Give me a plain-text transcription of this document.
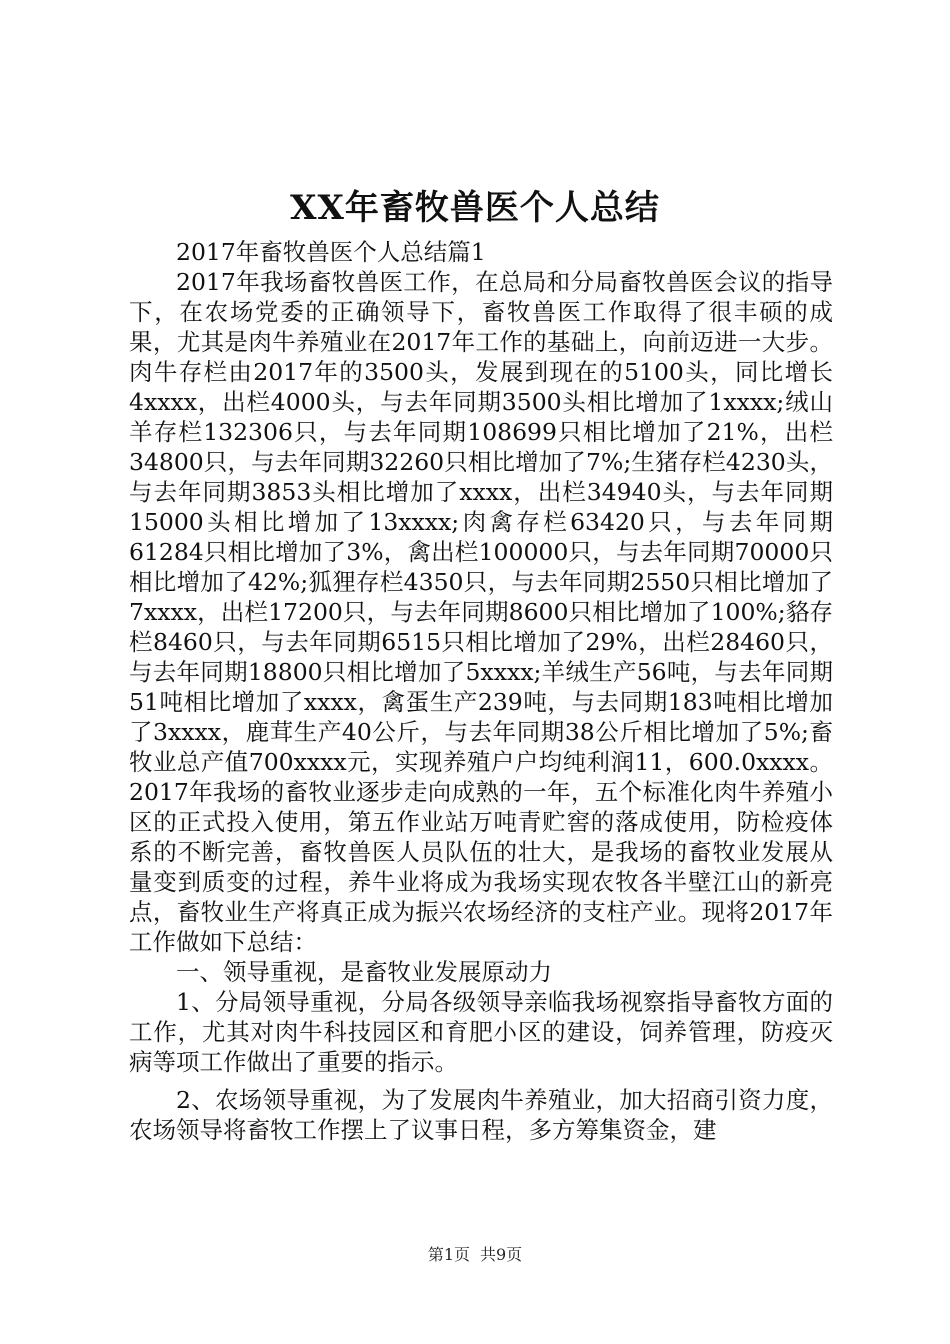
XX年畜牧兽医个人总结

2017年畜牧兽医个人总结篇1

2017年我场畜牧兽医工作，在总局和分局畜牧兽医会议的指导下，在农场党委的正确领导下，畜牧兽医工作取得了很丰硕的成果，尤其是肉牛养殖业在2017年工作的基础上，向前迈进一大步。肉牛存栏由2017年的3500头，发展到现在的5100头，同比增长4xxxx，出栏4000头，与去年同期3500头相比增加了1xxxx;绒山羊存栏132306只，与去年同期108699只相比增加了21%，出栏34800只，与去年同期32260只相比增加了7%;生猪存栏4230头，与去年同期3853头相比增加了xxxx，出栏34940头，与去年同期15000头相比增加了13xxxx;肉禽存栏63420只，与去年同期61284只相比增加了3%，禽出栏100000只，与去年同期70000只相比增加了42%;狐狸存栏4350只，与去年同期2550只相比增加了7xxxx，出栏17200只，与去年同期8600只相比增加了100%;貉存栏8460只，与去年同期6515只相比增加了29%，出栏28460只，与去年同期18800只相比增加了5xxxx;羊绒生产56吨，与去年同期51吨相比增加了xxxx，禽蛋生产239吨，与去同期183吨相比增加了3xxxx，鹿茸生产40公斤，与去年同期38公斤相比增加了5%;畜牧业总产值700xxxx元，实现养殖户户均纯利润11，600.0xxxx。2017年我场的畜牧业逐步走向成熟的一年，五个标准化肉牛养殖小区的正式投入使用，第五作业站万吨青贮窖的落成使用，防检疫体系的不断完善，畜牧兽医人员队伍的壮大，是我场的畜牧业发展从量变到质变的过程，养牛业将成为我场实现农牧各半壁江山的新亮点，畜牧业生产将真正成为振兴农场经济的支柱产业。现将2017年工作做如下总结：

一、领导重视，是畜牧业发展原动力

1、分局领导重视，分局各级领导亲临我场视察指导畜牧方面的工作，尤其对肉牛科技园区和育肥小区的建设，饲养管理，防疫灭病等项工作做出了重要的指示。

2、农场领导重视，为了发展肉牛养殖业，加大招商引资力度，农场领导将畜牧工作摆上了议事日程，多方筹集资金，建

第1页 共9页
